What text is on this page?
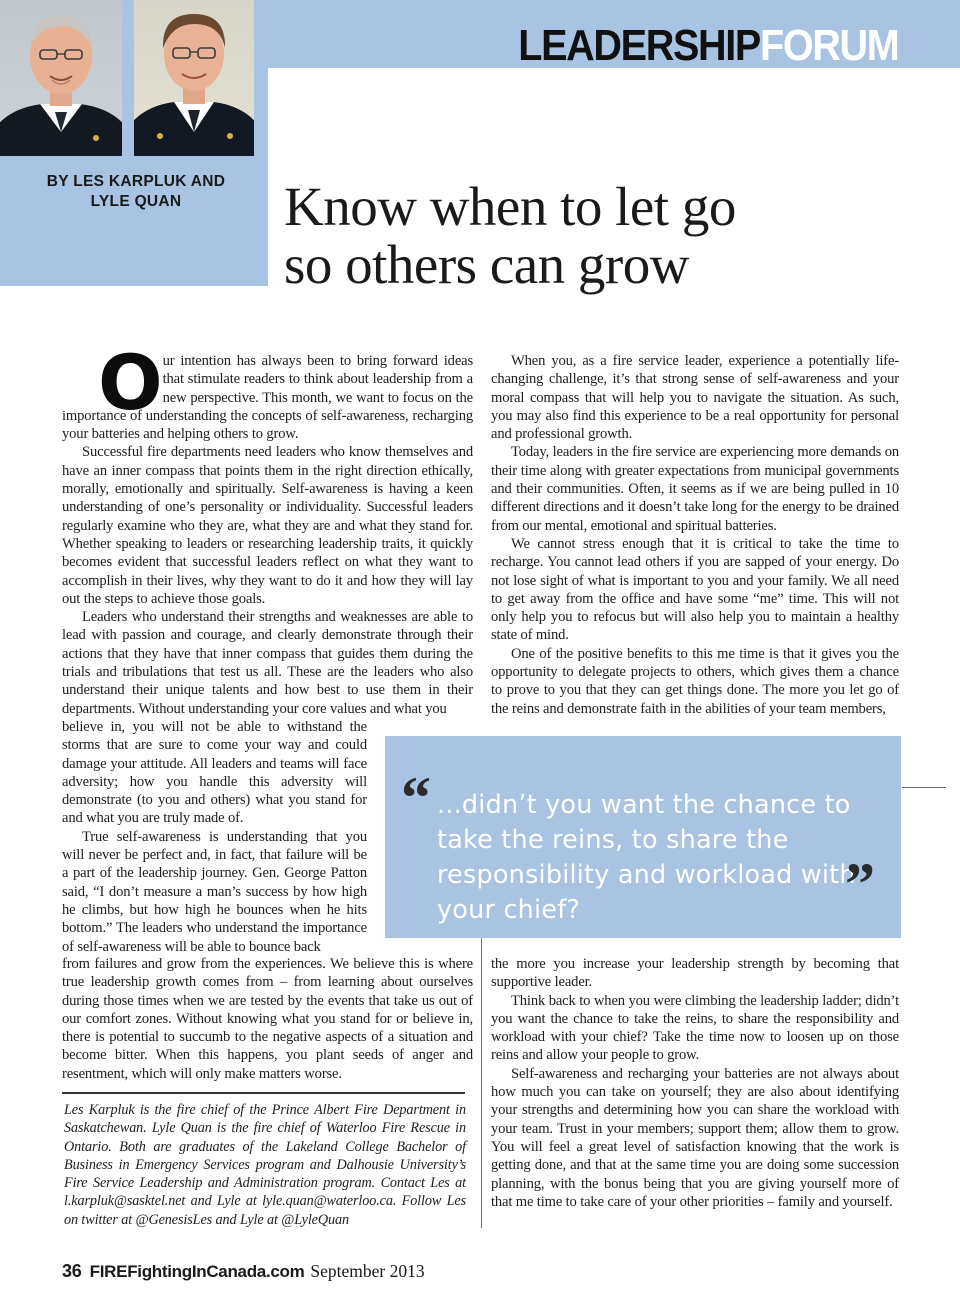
LEADERSHIPFORUM

BY LES KARPLUK AND
LYLE QUAN	Know when to let go
so others can grow
O ur intention has always been to bring forward ideas that stimulate readers to think about leadership from a new perspective. This month, we want to focus on the importance of understanding the concepts of self-awareness, recharging your batteries and helping others to grow.

Successful fire departments need leaders who know themselves and have an inner compass that points them in the right direction ethically, morally, emotionally and spiritually. Self-awareness is having a keen understanding of one’s personality or individuality. Successful leaders regularly examine who they are, what they are and what they stand for. Whether speaking to leaders or researching leadership traits, it quickly becomes evident that successful leaders reflect on what they want to accomplish in their lives, why they want to do it and how they will lay out the steps to achieve those goals.

Leaders who understand their strengths and weaknesses are able to lead with passion and courage, and clearly demonstrate through their actions that they have that inner compass that guides them during the trials and tribulations that test us all. These are the leaders who also understand their unique talents and how best to use them in their departments. Without understanding your core values and what you

believe in, you will not be able to withstand the storms that are sure to come your way and could damage your attitude. All leaders and teams will face adversity; how you handle this adversity will demonstrate (to you and others) what you stand for and what you are truly made of.

True self-awareness is understanding that you will never be perfect and, in fact, that failure will be a part of the leadership journey. Gen. George Patton said, “I don’t measure a man’s success by how high he climbs, but how high he bounces when he hits bottom.” The leaders who understand the importance of self-awareness will be able to bounce back

from failures and grow from the experiences. We believe this is where true leadership growth comes from – from learning about ourselves during those times when we are tested by the events that take us out of our comfort zones. Without knowing what you stand for or believe in, there is potential to succumb to the negative aspects of a situation and become bitter. When this happens, you plant seeds of anger and resentment, which will only make matters worse.

When you, as a fire service leader, experience a potentially life-changing challenge, it’s that strong sense of self-awareness and your moral compass that will help you to navigate the situation. As such, you may also find this experience to be a real opportunity for personal and professional growth.

Today, leaders in the fire service are experiencing more demands on their time along with greater expectations from municipal governments and their communities. Often, it seems as if we are being pulled in 10 different directions and it doesn’t take long for the energy to be drained from our mental, emotional and spiritual batteries.

We cannot stress enough that it is critical to take the time to recharge. You cannot lead others if you are sapped of your energy. Do not lose sight of what is important to you and your family. We all need to get away from the office and have some “me” time. This will not only help you to refocus but will also help you to maintain a healthy state of mind.

One of the positive benefits to this me time is that it gives you the opportunity to delegate projects to others, which gives them a chance to prove to you that they can get things done. The more you let go of the reins and demonstrate faith in the abilities of your team members,

“ ...didn’t you want the chance to take the reins, to share the responsibility and workload with your chief?	”

the more you increase your leadership strength by becoming that supportive leader.

Think back to when you were climbing the leadership ladder; didn’t you want the chance to take the reins, to share the responsibility and workload with your chief? Take the time now to loosen up on those reins and allow your people to grow.

Self-awareness and recharging your batteries are not always about how much you can take on yourself; they are also about identifying your strengths and determining how you can share the workload with your team. Trust in your members; support them; allow them to grow. You will feel a great level of satisfaction knowing that the work is getting done, and that at the same time you are doing some succession planning, with the bonus being that you are giving yourself more of that me time to take care of your other priorities – family and yourself.

Les Karpluk is the fire chief of the Prince Albert Fire Department in Saskatchewan. Lyle Quan is the fire chief of Waterloo Fire Rescue in Ontario. Both are graduates of the Lakeland College Bachelor of Business in Emergency Services program and Dalhousie University’s Fire Service Leadership and Administration program. Contact Les at l.karpluk@sasktel.net and Lyle at lyle.quan@waterloo.ca. Follow Les on twitter at @GenesisLes and Lyle at @LyleQuan

36 FIREFightingInCanada.com September 2013
